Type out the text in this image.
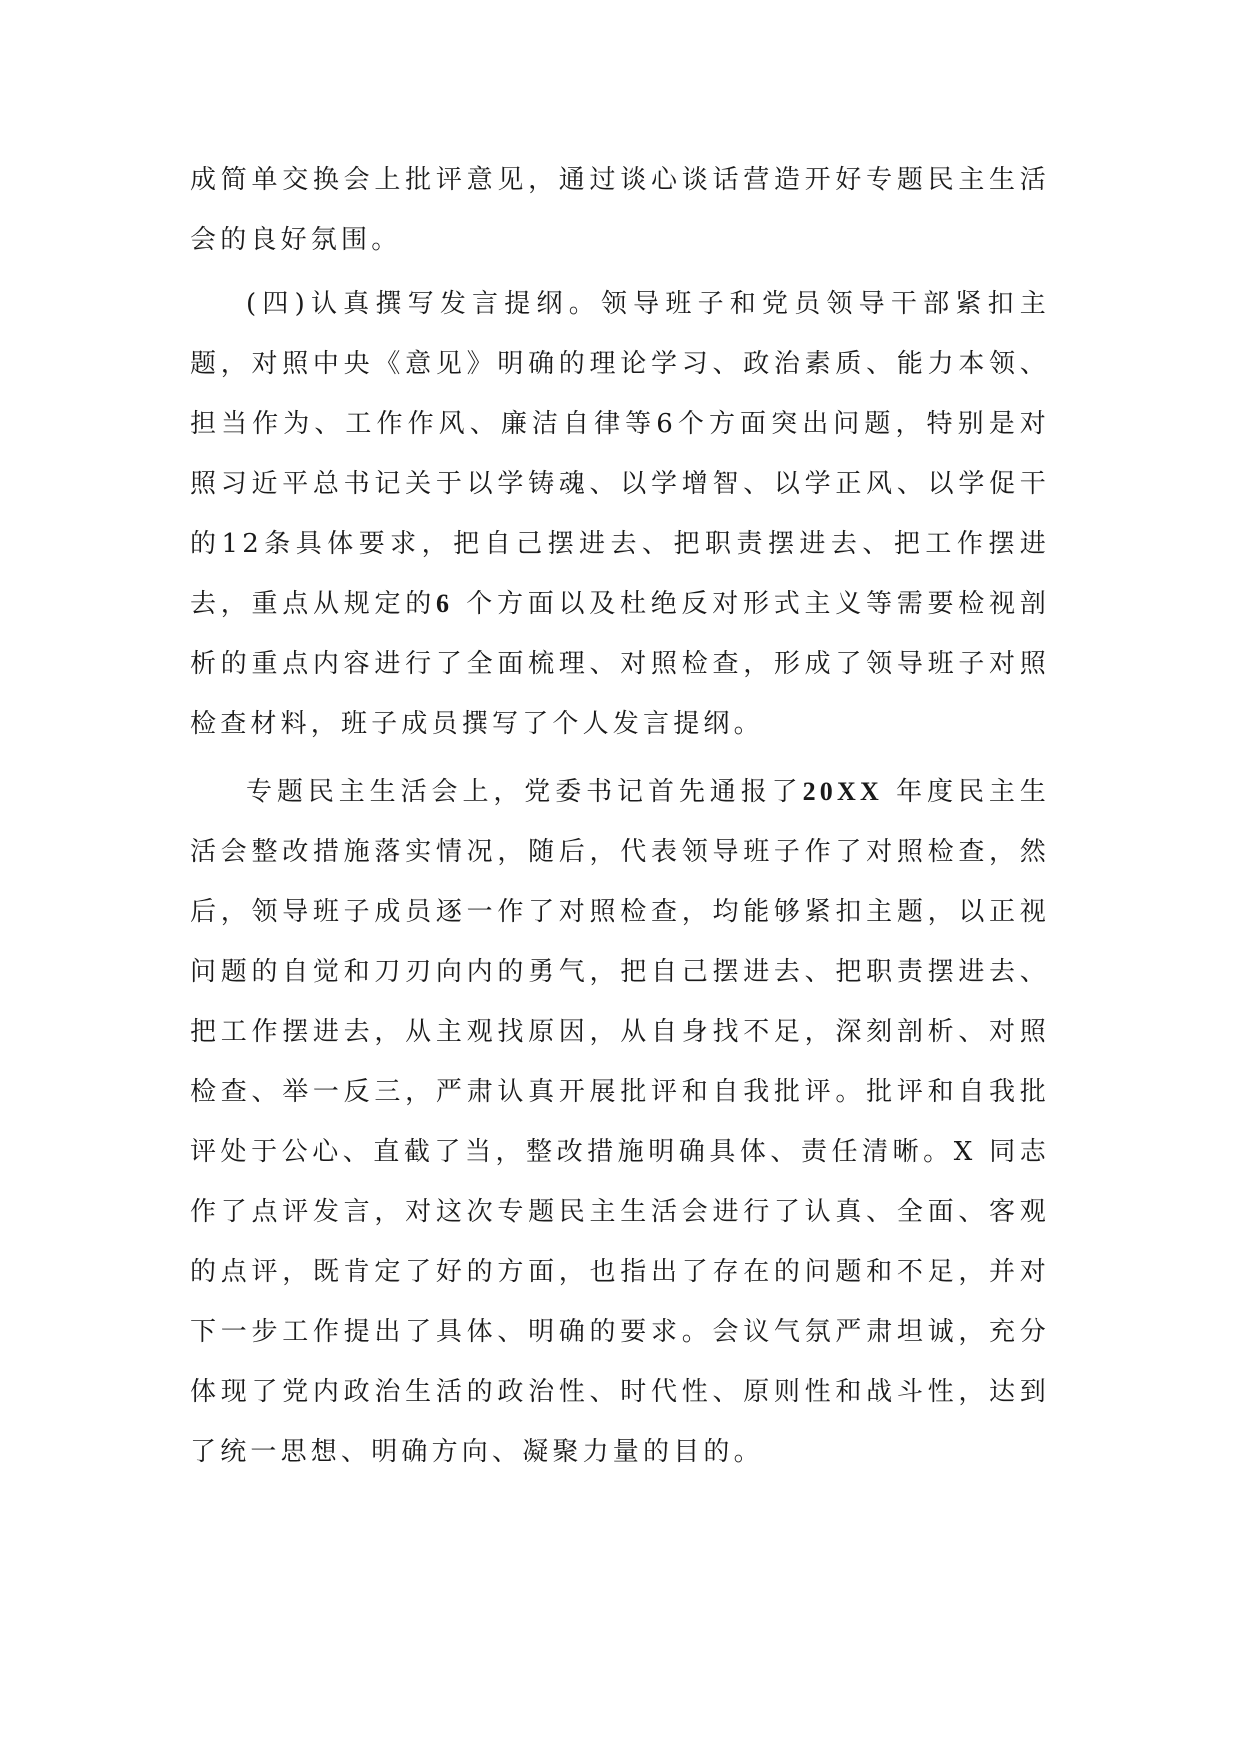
成简单交换会上批评意见，通过谈心谈话营造开好专题民主生活会的良好氛围。

(四)认真撰写发言提纲。领导班子和党员领导干部紧扣主题，对照中央《意见》明确的理论学习、政治素质、能力本领、担当作为、工作作风、廉洁自律等6个方面突出问题，特别是对照习近平总书记关于以学铸魂、以学增智、以学正风、以学促干的12条具体要求，把自己摆进去、把职责摆进去、把工作摆进去，重点从规定的6 个方面以及杜绝反对形式主义等需要检视剖析的重点内容进行了全面梳理、对照检查，形成了领导班子对照检查材料，班子成员撰写了个人发言提纲。

专题民主生活会上，党委书记首先通报了20XX 年度民主生活会整改措施落实情况，随后，代表领导班子作了对照检查，然后，领导班子成员逐一作了对照检查，均能够紧扣主题，以正视问题的自觉和刀刃向内的勇气，把自己摆进去、把职责摆进去、把工作摆进去，从主观找原因，从自身找不足，深刻剖析、对照检查、举一反三，严肃认真开展批评和自我批评。批评和自我批评处于公心、直截了当，整改措施明确具体、责任清晰。X 同志作了点评发言，对这次专题民主生活会进行了认真、全面、客观的点评，既肯定了好的方面，也指出了存在的问题和不足，并对下一步工作提出了具体、明确的要求。会议气氛严肃坦诚，充分体现了党内政治生活的政治性、时代性、原则性和战斗性，达到了统一思想、明确方向、凝聚力量的目的。
